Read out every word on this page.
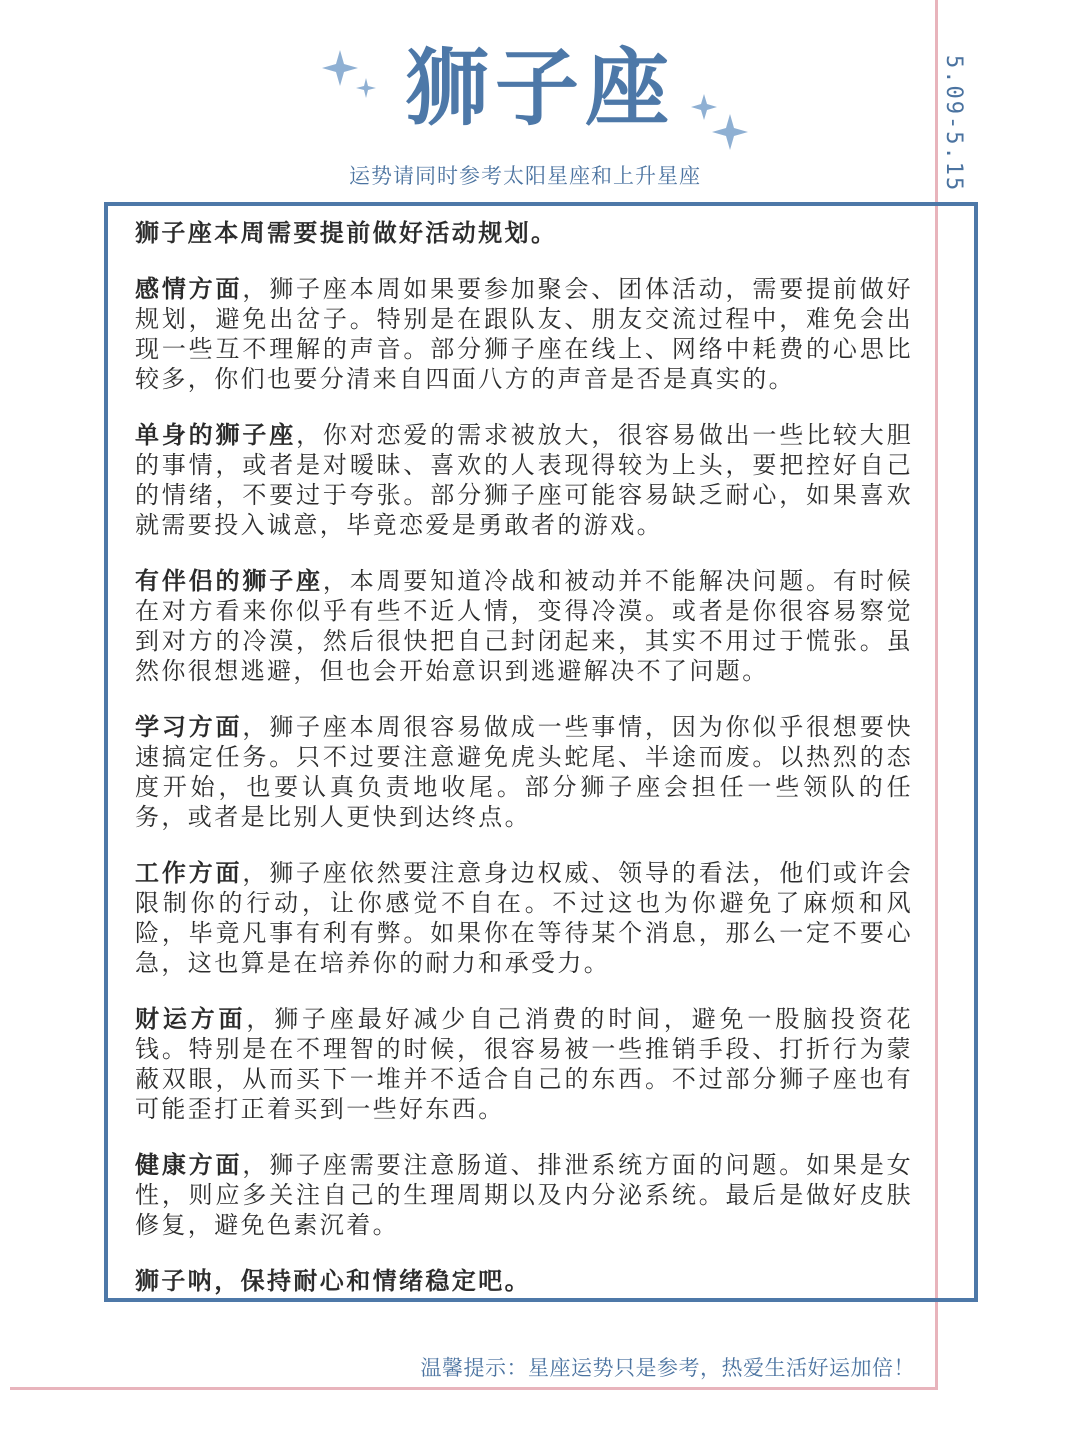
5.09-5.15
狮子座
运势请同时参考太阳星座和上升星座

狮子座本周需要提前做好活动规划。

感情方面，狮子座本周如果要参加聚会、团体活动，需要提前做好规划，避免出岔子。特别是在跟队友、朋友交流过程中，难免会出现一些互不理解的声音。部分狮子座在线上、网络中耗费的心思比较多，你们也要分清来自四面八方的声音是否是真实的。

单身的狮子座，你对恋爱的需求被放大，很容易做出一些比较大胆的事情，或者是对暧昧、喜欢的人表现得较为上头，要把控好自己的情绪，不要过于夸张。部分狮子座可能容易缺乏耐心，如果喜欢就需要投入诚意，毕竟恋爱是勇敢者的游戏。

有伴侣的狮子座，本周要知道冷战和被动并不能解决问题。有时候在对方看来你似乎有些不近人情，变得冷漠。或者是你很容易察觉到对方的冷漠，然后很快把自己封闭起来，其实不用过于慌张。虽然你很想逃避，但也会开始意识到逃避解决不了问题。

学习方面，狮子座本周很容易做成一些事情，因为你似乎很想要快速搞定任务。只不过要注意避免虎头蛇尾、半途而废。以热烈的态度开始，也要认真负责地收尾。部分狮子座会担任一些领队的任务，或者是比别人更快到达终点。

工作方面，狮子座依然要注意身边权威、领导的看法，他们或许会限制你的行动，让你感觉不自在。不过这也为你避免了麻烦和风险，毕竟凡事有利有弊。如果你在等待某个消息，那么一定不要心急，这也算是在培养你的耐力和承受力。

财运方面，狮子座最好减少自己消费的时间，避免一股脑投资花钱。特别是在不理智的时候，很容易被一些推销手段、打折行为蒙蔽双眼，从而买下一堆并不适合自己的东西。不过部分狮子座也有可能歪打正着买到一些好东西。

健康方面，狮子座需要注意肠道、排泄系统方面的问题。如果是女性，则应多关注自己的生理周期以及内分泌系统。最后是做好皮肤修复，避免色素沉着。

狮子呐，保持耐心和情绪稳定吧。

温馨提示：星座运势只是参考，热爱生活好运加倍！
